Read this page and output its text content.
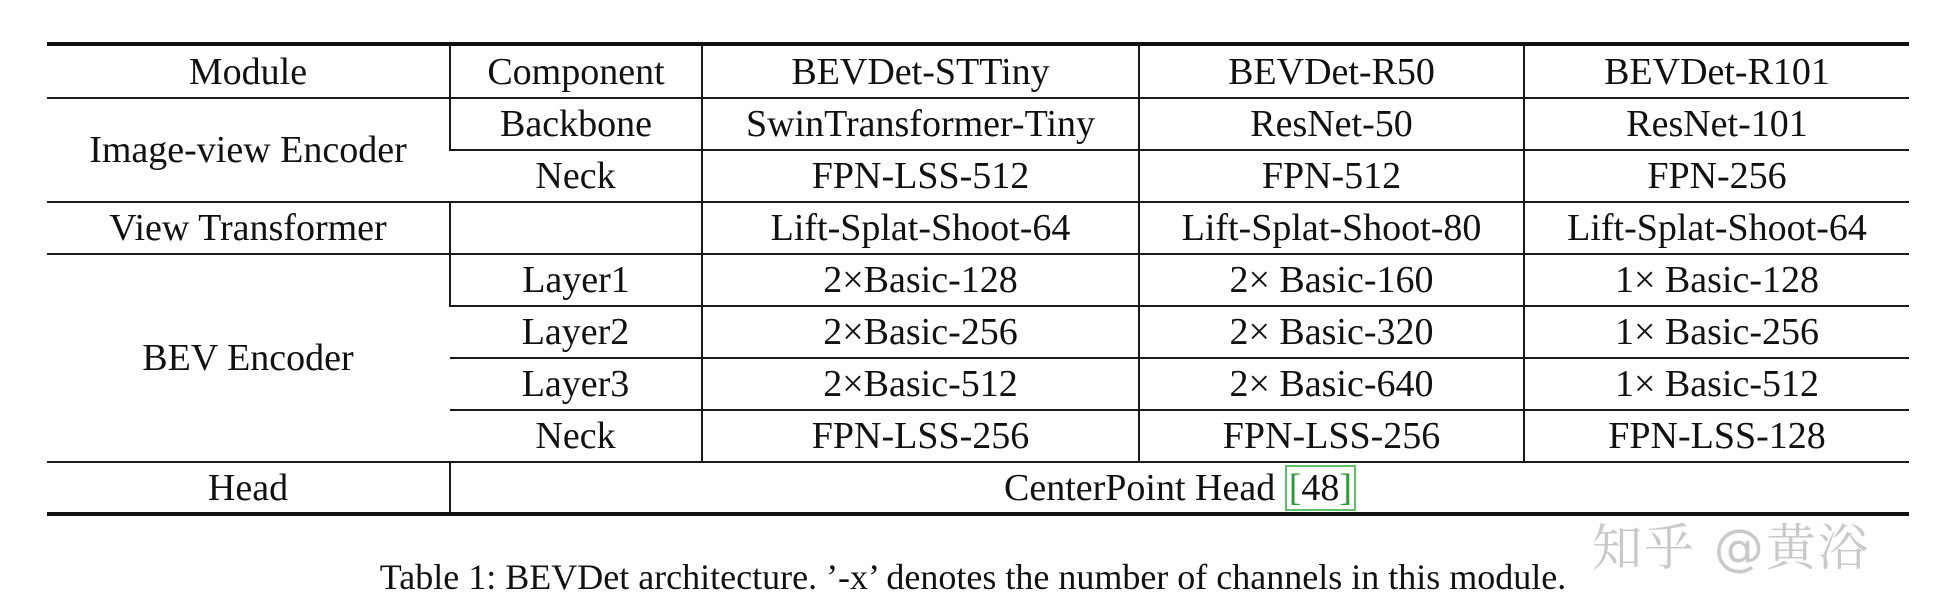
Module	Component	BEVDet-STTiny	BEVDet-R50	BEVDet-R101
Image-view Encoder	Backbone	SwinTransformer-Tiny	ResNet-50	ResNet-101
	Neck	FPN-LSS-512	FPN-512	FPN-256
View Transformer		Lift-Splat-Shoot-64	Lift-Splat-Shoot-80	Lift-Splat-Shoot-64
BEV Encoder	Layer1	2×Basic-128	2× Basic-160	1× Basic-128
	Layer2	2×Basic-256	2× Basic-320	1× Basic-256
	Layer3	2×Basic-512	2× Basic-640	1× Basic-512
	Neck	FPN-LSS-256	FPN-LSS-256	FPN-LSS-128
Head	CenterPoint Head [48]			
知乎 @黄浴
Table 1: BEVDet architecture. ’-x’ denotes the number of channels in this module.
